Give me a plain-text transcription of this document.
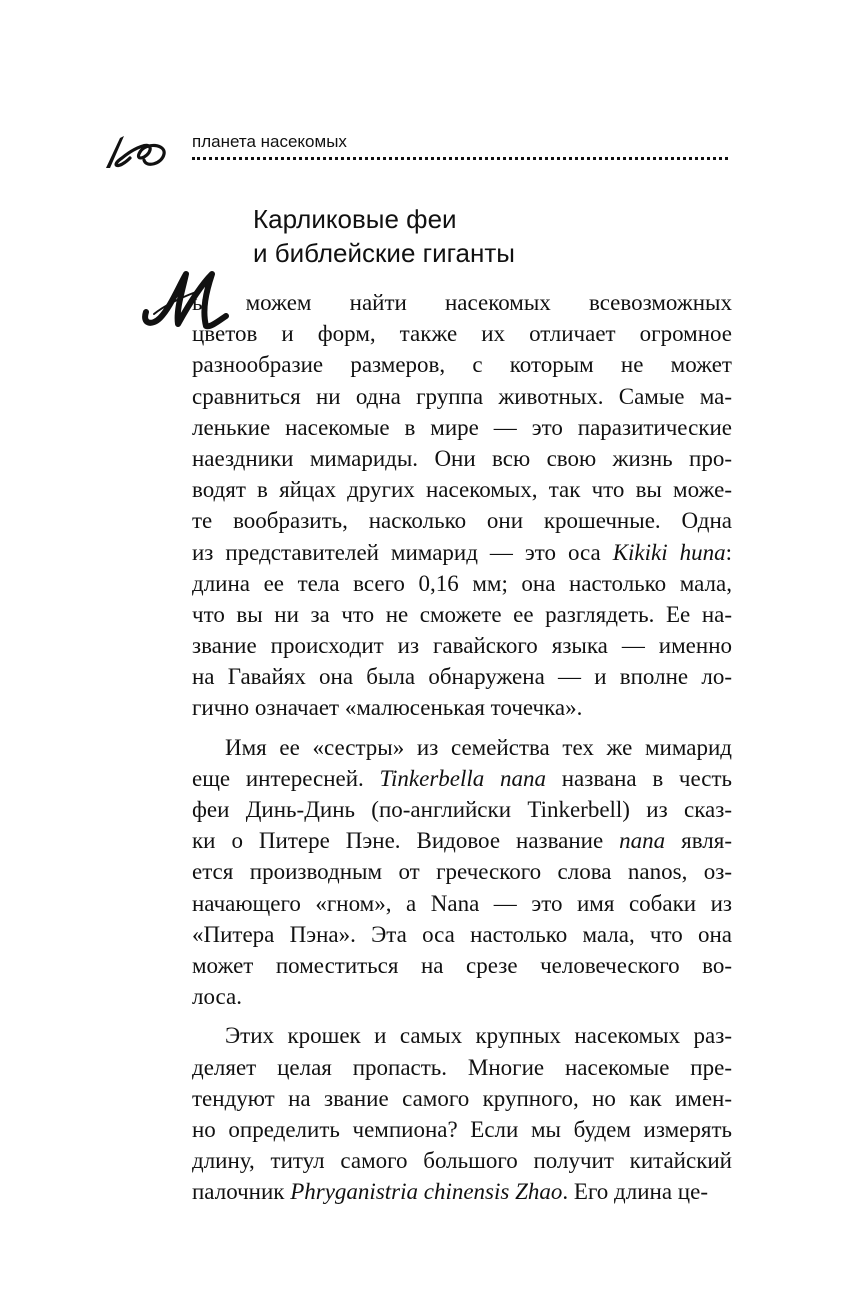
планета насекомых
Карликовые феи
и библейские гиганты
ы можем найти насекомых всевозможных
цветов и форм, также их отличает огромное
разнообразие размеров, с которым не может
сравниться ни одна группа животных. Самые ма-
ленькие насекомые в мире — это паразитические
наездники мимариды. Они всю свою жизнь про-
водят в яйцах других насекомых, так что вы може-
те вообразить, насколько они крошечные. Одна
из представителей мимарид — это оса Kikiki huna:
длина ее тела всего 0,16 мм; она настолько мала,
что вы ни за что не сможете ее разглядеть. Ее на-
звание происходит из гавайского языка — именно
на Гавайях она была обнаружена — и вполне ло-
гично означает «малюсенькая точечка».
Имя ее «сестры» из семейства тех же мимарид
еще интересней. Tinkerbella nana названа в честь
феи Динь-Динь (по-английски Tinkerbell) из сказ-
ки о Питере Пэне. Видовое название nana явля-
ется производным от греческого слова nanos, оз-
начающего «гном», а Nana — это имя собаки из
«Питера Пэна». Эта оса настолько мала, что она
может поместиться на срезе человеческого во-
лоса.
Этих крошек и самых крупных насекомых раз-
деляет целая пропасть. Многие насекомые пре-
тендуют на звание самого крупного, но как имен-
но определить чемпиона? Если мы будем измерять
длину, титул самого большого получит китайский
палочник Phryganistria chinensis Zhao. Его длина це-
